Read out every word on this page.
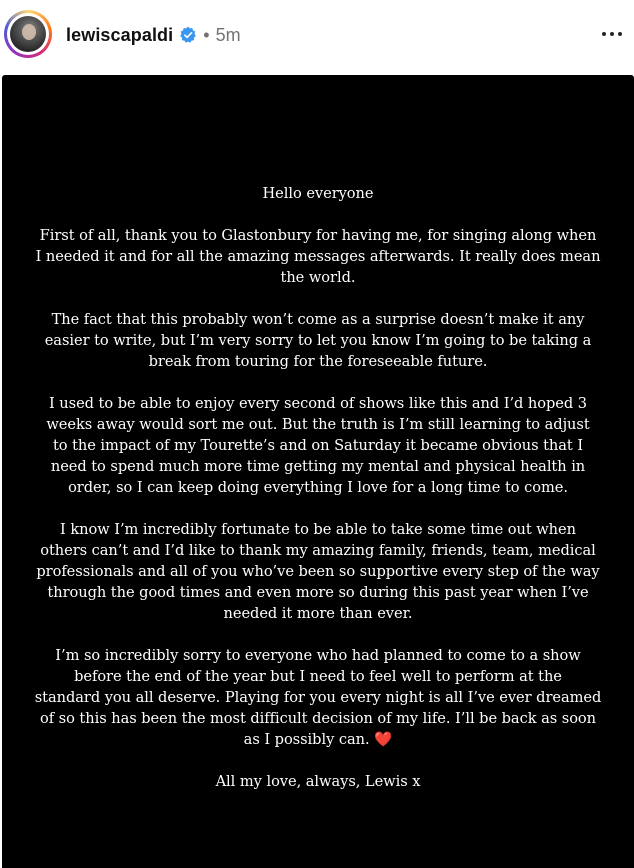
lewiscapaldi • 5m

Hello everyone

First of all, thank you to Glastonbury for having me, for singing along when
I needed it and for all the amazing messages afterwards. It really does mean
the world.

The fact that this probably won’t come as a surprise doesn’t make it any
easier to write, but I’m very sorry to let you know I’m going to be taking a
break from touring for the foreseeable future.

I used to be able to enjoy every second of shows like this and I’d hoped 3
weeks away would sort me out. But the truth is I’m still learning to adjust
to the impact of my Tourette’s and on Saturday it became obvious that I
need to spend much more time getting my mental and physical health in
order, so I can keep doing everything I love for a long time to come.

I know I’m incredibly fortunate to be able to take some time out when
others can’t and I’d like to thank my amazing family, friends, team, medical
professionals and all of you who’ve been so supportive every step of the way
through the good times and even more so during this past year when I’ve
needed it more than ever.

I’m so incredibly sorry to everyone who had planned to come to a show
before the end of the year but I need to feel well to perform at the
standard you all deserve. Playing for you every night is all I’ve ever dreamed
of so this has been the most difficult decision of my life. I’ll be back as soon
as I possibly can. ❤️

All my love, always, Lewis x
